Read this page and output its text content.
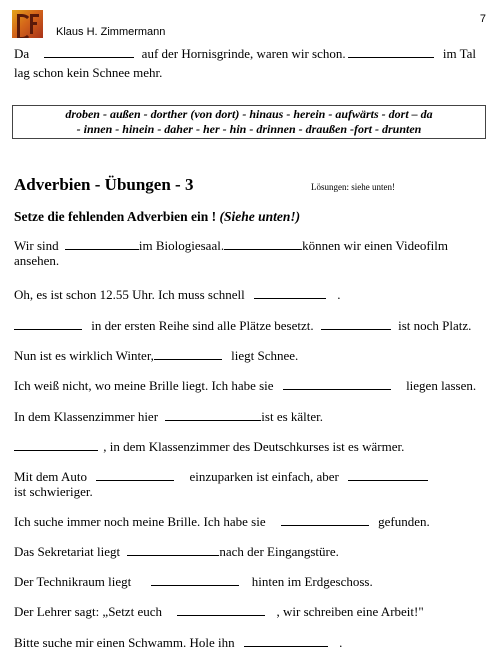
Klaus H. Zimmermann
7
Da	auf der Hornisgrinde, waren wir schon.	im Tal lag schon kein Schnee mehr.
droben - außen - dorther (von dort) - hinaus - herein - aufwärts - dort – da
- innen - hinein - daher - her - hin - drinnen - draußen -fort - drunten
Adverbien - Übungen - 3	Lösungen: siehe unten!
Setze die fehlenden Adverbien ein ! (Siehe unten!)
Wir sind	im Biologiesaal.	können wir einen Videofilm
ansehen.
Oh, es ist schon 12.55 Uhr. Ich muss schnell	.
in der ersten Reihe sind alle Plätze besetzt.	ist noch Platz.
Nun ist es wirklich Winter,	liegt Schnee.
Ich weiß nicht, wo meine Brille liegt. Ich habe sie	liegen lassen.
In dem Klassenzimmer hier	ist es kälter.
, in dem Klassenzimmer des Deutschkurses ist es wärmer.
Mit dem Auto	einzuparken ist einfach, aber
ist schwieriger.
Ich suche immer noch meine Brille. Ich habe sie	gefunden.
Das Sekretariat liegt	nach der Eingangstüre.
Der Technikraum liegt	hinten im Erdgeschoss.
Der Lehrer sagt: „Setzt euch	, wir schreiben eine Arbeit!"
Bitte suche mir einen Schwamm. Hole ihn	.
